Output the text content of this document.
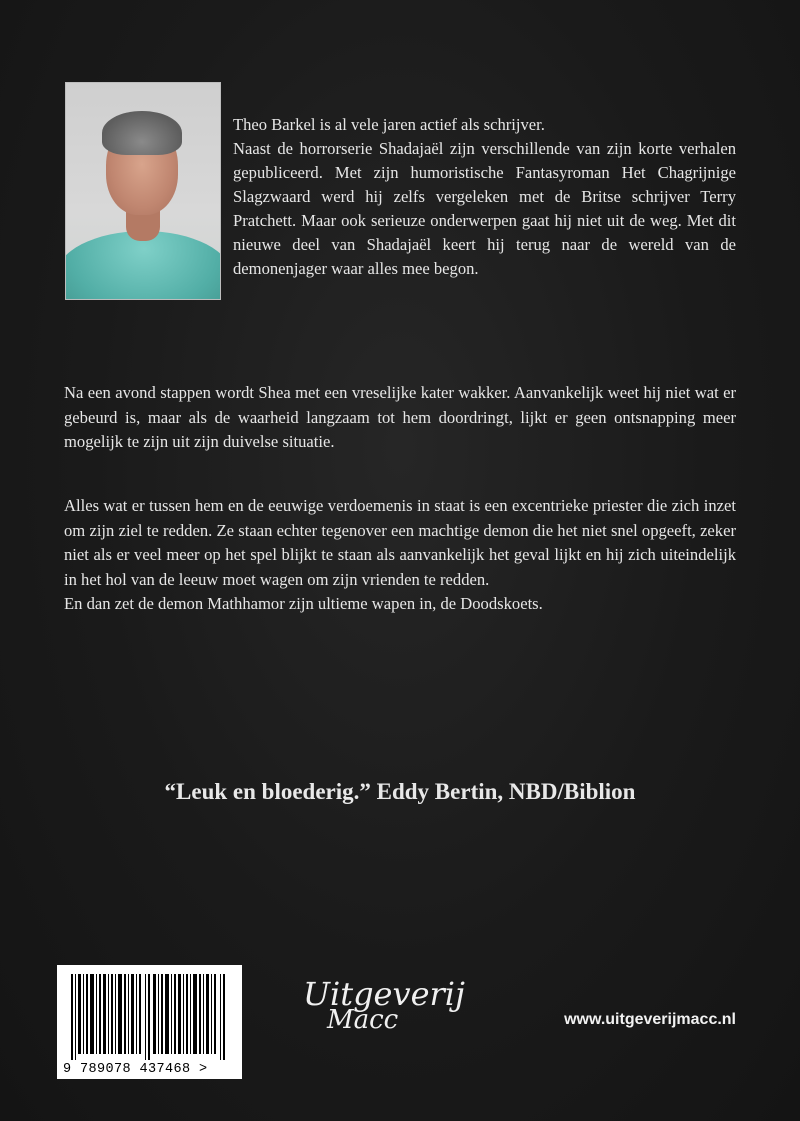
Theo Barkel is al vele jaren actief als schrijver.

Naast de horrorserie Shadajaël zijn verschillende van zijn korte verhalen gepubliceerd. Met zijn humoristische Fantasyroman Het Chagrijnige Slagzwaard werd hij zelfs vergeleken met de Britse schrijver Terry Pratchett. Maar ook serieuze onderwerpen gaat hij niet uit de weg. Met dit nieuwe deel van Shadajaël keert hij terug naar de wereld van de demonenjager waar alles mee begon.

Na een avond stappen wordt Shea met een vreselijke kater wakker. Aanvankelijk weet hij niet wat er gebeurd is, maar als de waarheid langzaam tot hem doordringt, lijkt er geen ontsnapping meer mogelijk te zijn uit zijn duivelse situatie.

Alles wat er tussen hem en de eeuwige verdoemenis in staat is een excentrieke priester die zich inzet om zijn ziel te redden. Ze staan echter tegenover een machtige demon die het niet snel opgeeft, zeker niet als er veel meer op het spel blijkt te staan als aanvankelijk het geval lijkt en hij zich uiteindelijk in het hol van de leeuw moet wagen om zijn vrienden te redden.

En dan zet de demon Mathhamor zijn ultieme wapen in, de Doodskoets.

“Leuk en bloederig.” Eddy Bertin, NBD/Biblion
9 789078 437468 >
Uitgeverij
Macc	www.uitgeverijmacc.nl
